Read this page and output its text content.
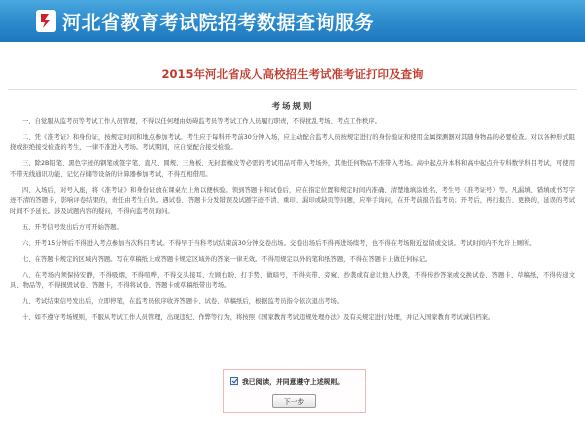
河北省教育考试院招考数据查询服务
2015年河北省成人高校招生考试准考证打印及查询
考场规则

一、自觉服从监考员等考试工作人员管理，不得以任何理由妨碍监考员等考试工作人员履行职责，不得扰乱考场、考点工作秩序。

二、凭《准考证》和身份证，按规定时间和地点参加考试。考生应于每科开考前30分钟入场，应主动配合监考人员按规定进行的身份验证和使用金属探测器对其随身物品的必要检查。对以各种形式阻挠或拒绝接受检查的考生，一律不准进入考场。考试期间，应自觉配合接受检验。

三、除2B铅笔、黑色字迹的钢笔或签字笔、直尺、圆规、三角板、无封套橡皮等必需的考试用品可带入考场外，其他任何物品不准带入考场。高中起点升本科和高中起点升专科数学科目考试，可使用不带无线通讯功能、记忆存储等设备的计算器参加考试，不得互相借用。

四、入场后，对号入座，将《准考证》和身份证放在课桌左上角以便核验。领到答题卡和试卷后，应在指定位置和规定时间内准确、清楚地填涂姓名、考生号（准考证号）等。凡漏填、错填或书写字迹不清的答题卡，影响评卷结果的，责任由考生自负。遇试卷、答题卡分发错误及试题字迹不清、重印、漏印或缺页等问题，应举手询问，在开考前报告监考员；开考后，再行报告、更换的，延误的考试时间不予延长。涉及试题内容的疑问，不得向监考员询问。

五、开考信号发出后方可开始答题。

六、开考15分钟后不得进入考点参加当次科目考试。不得早于当科考试结束前30分钟交卷出场。交卷出场后不得再进场续考，也不得在考场附近逗留或交谈。考试时间内不允许上厕所。

七、在答题卡规定的区域内答题。写在草稿纸上或答题卡规定区域外的答案一律无效。不得用规定以外的笔和纸答题，不得在答题卡上做任何标记。

八、在考场内须保持安静，不得吸烟，不得喧哗，不得交头接耳、左顾右盼、打手势、做暗号，不得夹带、旁窥、抄袭或有意让他人抄袭，不得传抄答案或交换试卷、答题卡、草稿纸，不得传递文具、物品等，不得损毁试卷、答题卡，不得将试卷、答题卡或草稿纸带出考场。

九、考试结束信号发出后，立即停笔，在监考员依序收齐答题卡、试卷、草稿纸后，根据监考员指令依次退出考场。

十、如不遵守考场规则，不服从考试工作人员管理，出现违纪、作弊等行为，将按照《国家教育考试违规处理办法》及有关规定进行处理，并记入国家教育考试诚信档案。

我已阅读，并同意遵守上述规则。
下一步
